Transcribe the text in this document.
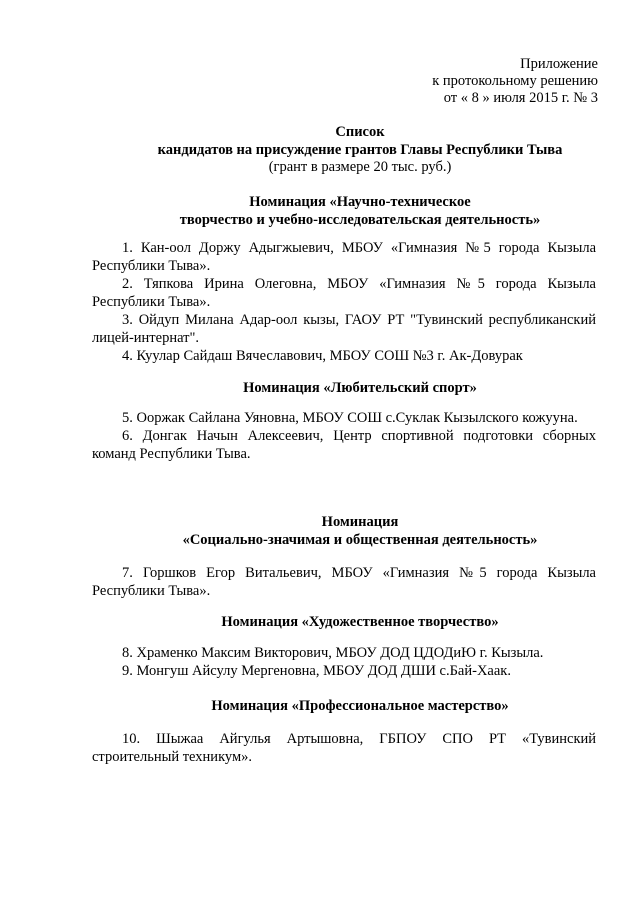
Приложение
к протокольному решению
от « 8 » июля 2015 г. № 3
Список
кандидатов на присуждение грантов Главы Республики Тыва
(грант в размере 20 тыс. руб.)
Номинация «Научно-техническое
творчество и учебно-исследовательская деятельность»

1. Кан-оол Доржу Адыгжыевич, МБОУ «Гимназия №5 города Кызыла Республики Тыва».

2. Тяпкова Ирина Олеговна, МБОУ «Гимназия №5 города Кызыла Республики Тыва».

3. Ойдуп Милана Адар-оол кызы, ГАОУ РТ "Тувинский республиканский лицей-интернат".

4. Куулар Сайдаш Вячеславович, МБОУ СОШ №3 г. Ак-Довурак

Номинация «Любительский спорт»

5. Ооржак Сайлана Уяновна, МБОУ СОШ с.Суклак Кызылского кожууна.

6. Донгак Начын Алексеевич, Центр спортивной подготовки сборных команд Республики Тыва.

Номинация
«Социально-значимая и общественная деятельность»

7. Горшков Егор Витальевич, МБОУ «Гимназия №5 города Кызыла Республики Тыва».

Номинация «Художественное творчество»

8. Храменко Максим Викторович, МБОУ ДОД ЦДОДиЮ г. Кызыла.

9. Монгуш Айсулу Мергеновна, МБОУ ДОД ДШИ с.Бай-Хаак.

Номинация «Профессиональное мастерство»

10. Шыжаа Айгулья Артышовна, ГБПОУ СПО РТ «Тувинский строительный техникум».
